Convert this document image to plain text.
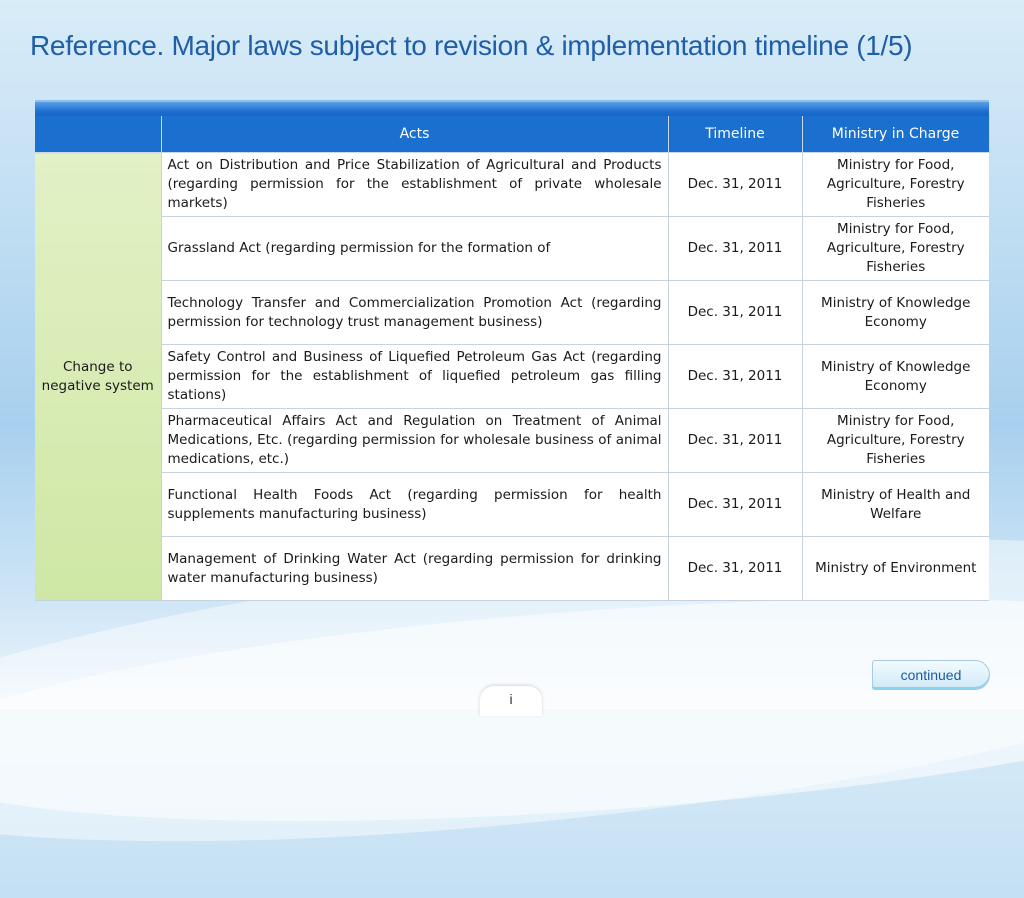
Reference. Major laws subject to revision & implementation timeline (1/5)
	Acts	Timeline	Ministry in Charge
Change to negative system	Act on Distribution and Price Stabilization of Agricultural and Products (regarding permission for the establishment of private wholesale markets)	Dec. 31, 2011	Ministry for Food, Agriculture, Forestry Fisheries
	Grassland Act (regarding permission for the formation of	Dec. 31, 2011	Ministry for Food, Agriculture, Forestry Fisheries
	Technology Transfer and Commercialization Promotion Act (regarding permission for technology trust management business)	Dec. 31, 2011	Ministry of Knowledge Economy
	Safety Control and Business of Liquefied Petroleum Gas Act (regarding permission for the establishment of liquefied petroleum gas filling stations)	Dec. 31, 2011	Ministry of Knowledge Economy
	Pharmaceutical Affairs Act and Regulation on Treatment of Animal Medications, Etc. (regarding permission for wholesale business of animal medications, etc.)	Dec. 31, 2011	Ministry for Food, Agriculture, Forestry Fisheries
	Functional Health Foods Act (regarding permission for health supplements manufacturing business)	Dec. 31, 2011	Ministry of Health and Welfare
	Management of Drinking Water Act (regarding permission for drinking water manufacturing business)	Dec. 31, 2011	Ministry of Environment
continued
i
